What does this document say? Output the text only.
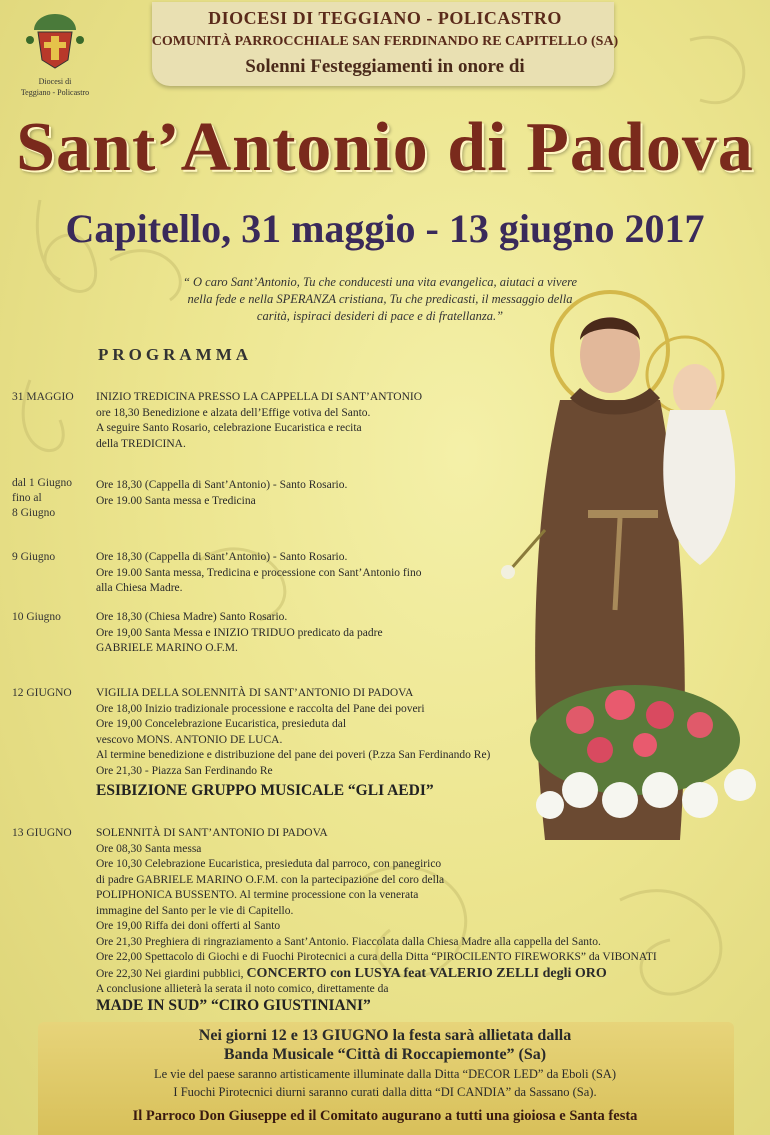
Diocesi di
Teggiano - Policastro
DIOCESI DI TEGGIANO - POLICASTRO
COMUNITÀ PARROCCHIALE SAN FERDINANDO RE CAPITELLO (SA)
Solenni Festeggiamenti in onore di
Sant’Antonio di Padova
Capitello, 31 maggio - 13 giugno 2017
“ O caro Sant’Antonio, Tu che conducesti una vita evangelica, aiutaci a vivere nella fede e nella SPERANZA cristiana, Tu che predicasti, il messaggio della carità, ispiraci desideri di pace e di fratellanza.”
PROGRAMMA
31 MAGGIO INIZIO TREDICINA PRESSO LA CAPPELLA DI SANT’ANTONIO
ore 18,30 Benedizione e alzata dell’Effige votiva del Santo.
A seguire Santo Rosario, celebrazione Eucaristica e recita
della TREDICINA.
dal 1 Giugno
fino al
8 Giugno
Ore 18,30 (Cappella di Sant’Antonio) - Santo Rosario.
Ore 19.00 Santa messa e Tredicina
9 Giugno	Ore 18,30 (Cappella di Sant’Antonio) - Santo Rosario.
Ore 19.00 Santa messa, Tredicina e processione con Sant’Antonio fino
alla Chiesa Madre.
10 Giugno	Ore 18,30 (Chiesa Madre) Santo Rosario.
Ore 19,00 Santa Messa e INIZIO TRIDUO predicato da padre
GABRIELE MARINO O.F.M.
12 GIUGNO VIGILIA DELLA SOLENNITÀ DI SANT’ANTONIO DI PADOVA
Ore 18,00 Inizio tradizionale processione e raccolta del Pane dei poveri
Ore 19,00 Concelebrazione Eucaristica, presieduta dal
vescovo MONS. ANTONIO DE LUCA.
Al termine benedizione e distribuzione del pane dei poveri (P.zza San Ferdinando Re)
Ore 21,30 - Piazza San Ferdinando Re
ESIBIZIONE GRUPPO MUSICALE “GLI AEDI”
13 GIUGNO SOLENNITÀ DI SANT’ANTONIO DI PADOVA
Ore 08,30 Santa messa
Ore 10,30 Celebrazione Eucaristica, presieduta dal parroco, con panegirico
di padre GABRIELE MARINO O.F.M. con la partecipazione del coro della
POLIPHONICA BUSSENTO. Al termine processione con la venerata
immagine del Santo per le vie di Capitello.
Ore 19,00 Riffa dei doni offerti al Santo
Ore 21,30 Preghiera di ringraziamento a Sant’Antonio. Fiaccolata dalla Chiesa Madre alla cappella del Santo.
Ore 22,00 Spettacolo di Giochi e di Fuochi Pirotecnici a cura della Ditta “PIROCILENTO FIREWORKS” da VIBONATI
Ore 22,30 Nei giardini pubblici, CONCERTO con LUSYA feat VALERIO ZELLI degli ORO
A conclusione allieterà la serata il noto comico, direttamente da
MADE IN SUD” “CIRO GIUSTINIANI”
Nei giorni 12 e 13 GIUGNO la festa sarà allietata dalla
Banda Musicale “Città di Roccapiemonte” (Sa)
Le vie del paese saranno artisticamente illuminate dalla Ditta “DECOR LED” da Eboli (SA)
I Fuochi Pirotecnici diurni saranno curati dalla ditta “DI CANDIA” da Sassano (Sa).
Il Parroco Don Giuseppe ed il Comitato augurano a tutti una gioiosa e Santa festa
